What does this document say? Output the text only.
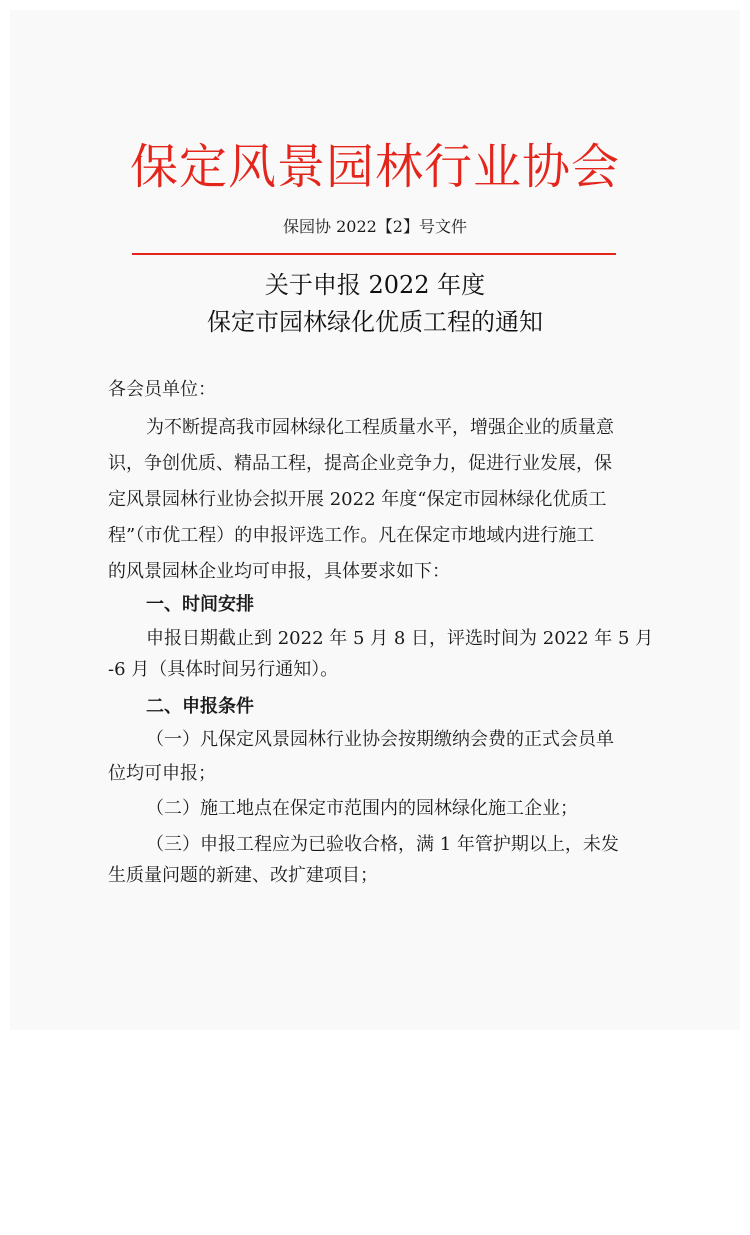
保定风景园林行业协会
保园协 2022【2】号文件
关于申报 2022 年度
保定市园林绿化优质工程的通知
各会员单位：
为不断提高我市园林绿化工程质量水平，增强企业的质量意
识，争创优质、精品工程，提高企业竞争力，促进行业发展，保
定风景园林行业协会拟开展 2022 年度“保定市园林绿化优质工
程”（市优工程）的申报评选工作。凡在保定市地域内进行施工
的风景园林企业均可申报，具体要求如下：
一、时间安排
申报日期截止到 2022 年 5 月 8 日，评选时间为 2022 年 5 月
-6 月（具体时间另行通知）。
二、申报条件
（一）凡保定风景园林行业协会按期缴纳会费的正式会员单
位均可申报；
（二）施工地点在保定市范围内的园林绿化施工企业；
（三）申报工程应为已验收合格，满 1 年管护期以上，未发
生质量问题的新建、改扩建项目；
